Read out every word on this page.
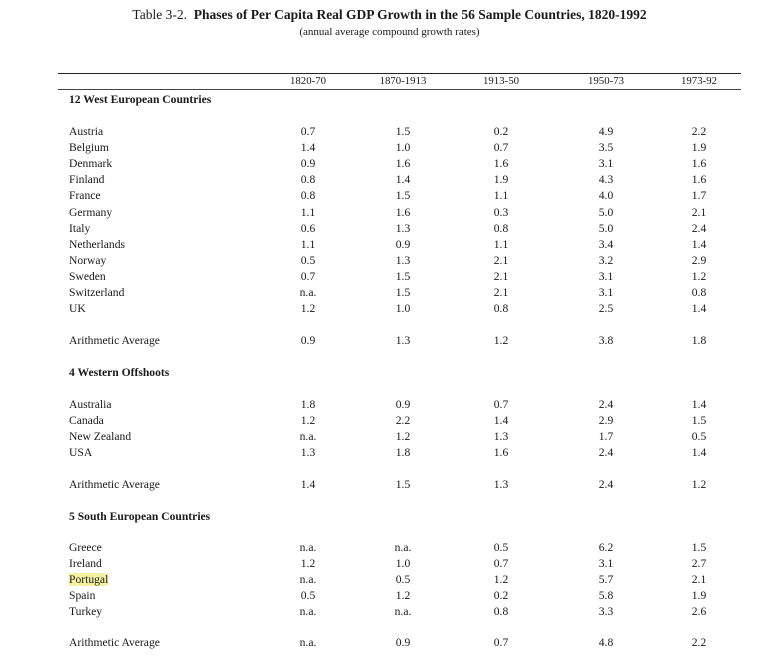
Table 3-2. Phases of Per Capita Real GDP Growth in the 56 Sample Countries, 1820-1992
(annual average compound growth rates)
1820-70	1870-1913	1913-50	1950-73	1973-92
12 West European Countries
Austria	0.7	1.5	0.2	4.9	2.2
Belgium	1.4	1.0	0.7	3.5	1.9
Denmark	0.9	1.6	1.6	3.1	1.6
Finland	0.8	1.4	1.9	4.3	1.6
France	0.8	1.5	1.1	4.0	1.7
Germany	1.1	1.6	0.3	5.0	2.1
Italy	0.6	1.3	0.8	5.0	2.4
Netherlands	1.1	0.9	1.1	3.4	1.4
Norway	0.5	1.3	2.1	3.2	2.9
Sweden	0.7	1.5	2.1	3.1	1.2
Switzerland	n.a.	1.5	2.1	3.1	0.8
UK	1.2	1.0	0.8	2.5	1.4
Arithmetic Average	0.9	1.3	1.2	3.8	1.8
4 Western Offshoots
Australia	1.8	0.9	0.7	2.4	1.4
Canada	1.2	2.2	1.4	2.9	1.5
New Zealand	n.a.	1.2	1.3	1.7	0.5
USA	1.3	1.8	1.6	2.4	1.4
Arithmetic Average	1.4	1.5	1.3	2.4	1.2
5 South European Countries
Greece	n.a.	n.a.	0.5	6.2	1.5
Ireland	1.2	1.0	0.7	3.1	2.7
Portugal	n.a.	0.5	1.2	5.7	2.1
Spain	0.5	1.2	0.2	5.8	1.9
Turkey	n.a.	n.a.	0.8	3.3	2.6
Arithmetic Average	n.a.	0.9	0.7	4.8	2.2
